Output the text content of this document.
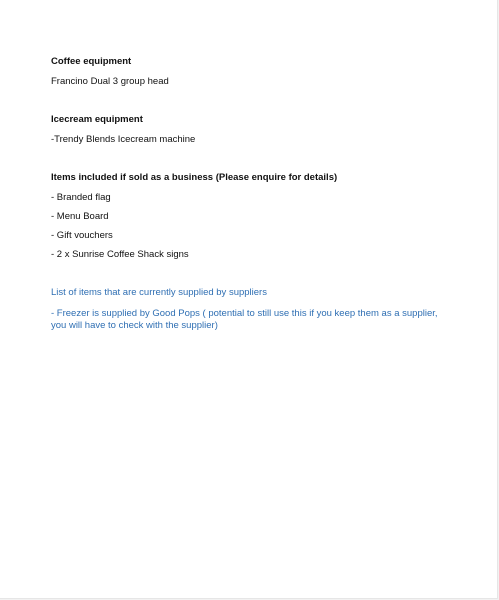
Coffee equipment

Francino Dual 3 group head

Icecream equipment

-Trendy Blends Icecream machine

Items included if sold as a business (Please enquire for details)

- Branded flag

- Menu Board

- Gift vouchers

- 2 x Sunrise Coffee Shack signs

List of items that are currently supplied by suppliers

- Freezer is supplied by Good Pops ( potential to still use this if you keep them as a supplier, you will have to check with the supplier)
